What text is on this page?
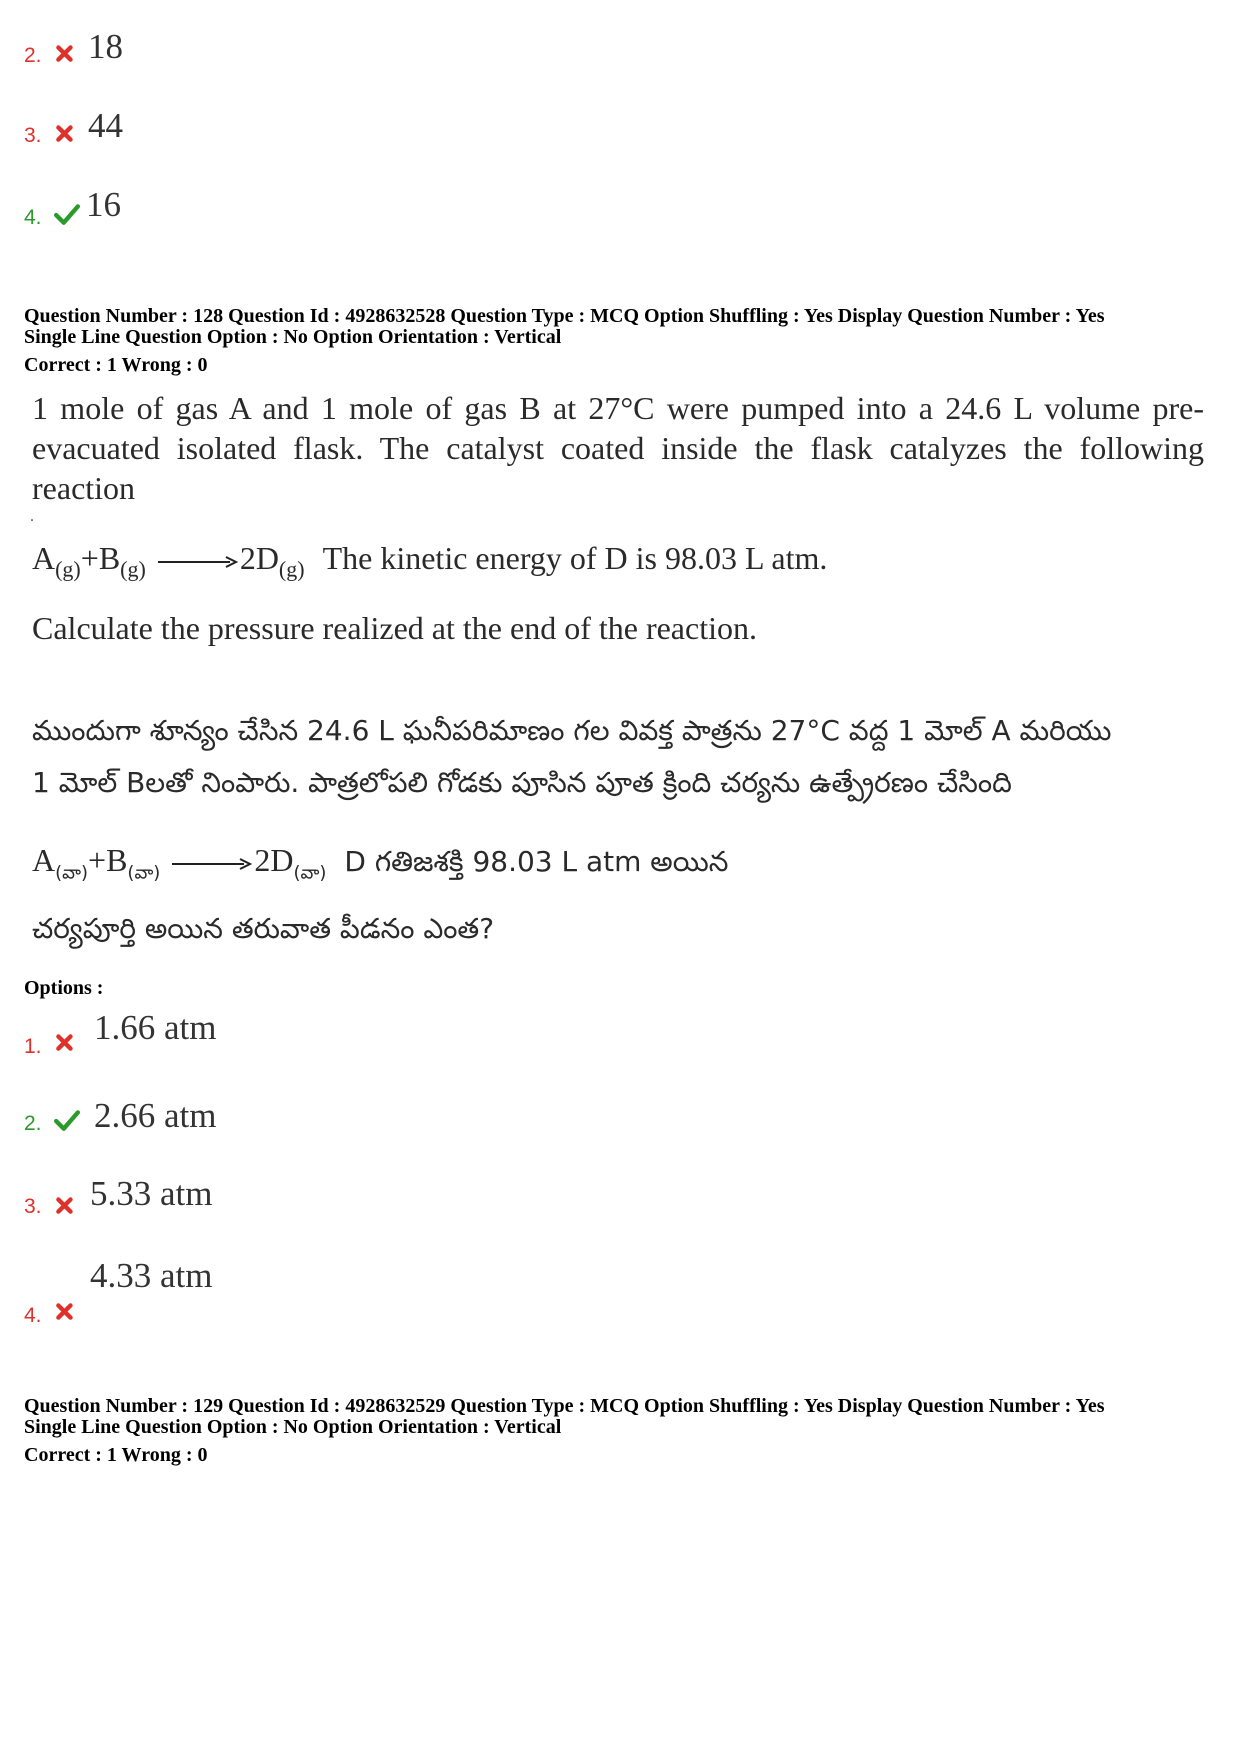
2. 18
3. 44
4. 16
Question Number : 128 Question Id : 4928632528 Question Type : MCQ Option Shuffling : Yes Display Question Number : Yes
Single Line Question Option : No Option Orientation : Vertical
Correct : 1 Wrong : 0
1 mole of gas A and 1 mole of gas B at 27°C were pumped into a 24.6 L volume pre-evacuated isolated flask. The catalyst coated inside the flask catalyzes the following reaction
.
$A_{(g)}+B_{(g)} \to 2D_{(g)}$ The kinetic energy of D is 98.03 L atm.
Calculate the pressure realized at the end of the reaction.
ముందుగా శూన్యం చేసిన 24.6 L ఘనీపరిమాణం గల వివక్త పాత్రను 27°C వద్ద 1 మోల్ A మరియు
1 మోల్ Bలతో నింపారు. పాత్రలోపలి గోడకు పూసిన పూత క్రింది చర్యను ఉత్ప్రేరణం చేసింది
$A_{(వా)}+B_{(వా)} \to 2D_{(వా)}$ D గతిజశక్తి 98.03 L atm అయిన
చర్యపూర్తి అయిన తరువాత పీడనం ఎంత?
Options :
1. 1.66 atm
2. 2.66 atm
3. 5.33 atm
4.
4.33 atm
Question Number : 129 Question Id : 4928632529 Question Type : MCQ Option Shuffling : Yes Display Question Number : Yes
Single Line Question Option : No Option Orientation : Vertical
Correct : 1 Wrong : 0
